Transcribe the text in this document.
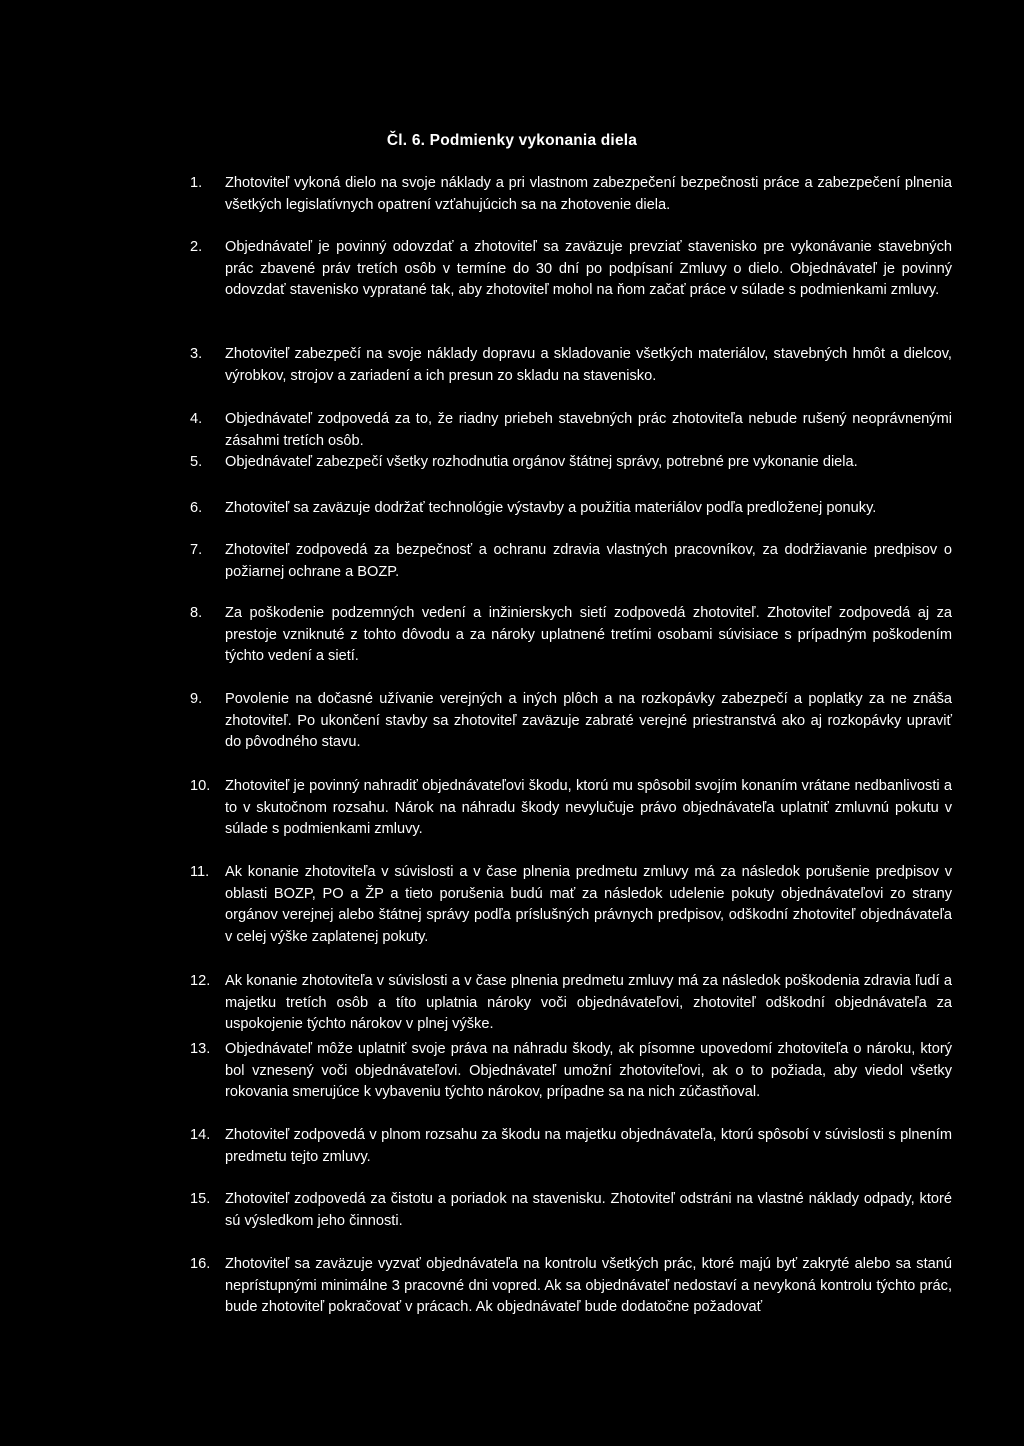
Čl. 6. Podmienky vykonania diela
1.	Zhotoviteľ vykoná dielo na svoje náklady a pri vlastnom zabezpečení bezpečnosti práce a zabezpečení plnenia všetkých legislatívnych opatrení vzťahujúcich sa na zhotovenie diela.
2.	Objednávateľ je povinný odovzdať a zhotoviteľ sa zaväzuje prevziať stavenisko pre vykonávanie stavebných prác zbavené práv tretích osôb v termíne do 30 dní po podpísaní Zmluvy o dielo. Objednávateľ je povinný odovzdať stavenisko vypratané tak, aby zhotoviteľ mohol na ňom začať práce v súlade s podmienkami zmluvy.
3.	Zhotoviteľ zabezpečí na svoje náklady dopravu a skladovanie všetkých materiálov, stavebných hmôt a dielcov, výrobkov, strojov a zariadení a ich presun zo skladu na stavenisko.
4.	Objednávateľ zodpovedá za to, že riadny priebeh stavebných prác zhotoviteľa nebude rušený neoprávnenými zásahmi tretích osôb.
5.	Objednávateľ zabezpečí všetky rozhodnutia orgánov štátnej správy, potrebné pre vykonanie diela.
6.	Zhotoviteľ sa zaväzuje dodržať technológie výstavby a použitia materiálov podľa predloženej ponuky.
7.	Zhotoviteľ zodpovedá za bezpečnosť a ochranu zdravia vlastných pracovníkov, za dodržiavanie predpisov o požiarnej ochrane a BOZP.
8.	Za poškodenie podzemných vedení a inžinierskych sietí zodpovedá zhotoviteľ. Zhotoviteľ zodpovedá aj za prestoje vzniknuté z tohto dôvodu a za nároky uplatnené tretími osobami súvisiace s prípadným poškodením týchto vedení a sietí.
9.	Povolenie na dočasné užívanie verejných a iných plôch a na rozkopávky zabezpečí a poplatky za ne znáša zhotoviteľ. Po ukončení stavby sa zhotoviteľ zaväzuje zabraté verejné priestranstvá ako aj rozkopávky upraviť do pôvodného stavu.
10.	Zhotoviteľ je povinný nahradiť objednávateľovi škodu, ktorú mu spôsobil svojím konaním vrátane nedbanlivosti a to v skutočnom rozsahu. Nárok na náhradu škody nevylučuje právo objednávateľa uplatniť zmluvnú pokutu v súlade s podmienkami zmluvy.
11.	Ak konanie zhotoviteľa v súvislosti a v čase plnenia predmetu zmluvy má za následok porušenie predpisov v oblasti BOZP, PO a ŽP a tieto porušenia budú mať za následok udelenie pokuty objednávateľovi zo strany orgánov verejnej alebo štátnej správy podľa príslušných právnych predpisov, odškodní zhotoviteľ objednávateľa v celej výške zaplatenej pokuty.
12.	Ak konanie zhotoviteľa v súvislosti a v čase plnenia predmetu zmluvy má za následok poškodenia zdravia ľudí a majetku tretích osôb a títo uplatnia nároky voči objednávateľovi, zhotoviteľ odškodní objednávateľa za uspokojenie týchto nárokov v plnej výške.
13.	Objednávateľ môže uplatniť svoje práva na náhradu škody, ak písomne upovedomí zhotoviteľa o nároku, ktorý bol vznesený voči objednávateľovi. Objednávateľ umožní zhotoviteľovi, ak o to požiada, aby viedol všetky rokovania smerujúce k vybaveniu týchto nárokov, prípadne sa na nich zúčastňoval.
14.	Zhotoviteľ zodpovedá v plnom rozsahu za škodu na majetku objednávateľa, ktorú spôsobí v súvislosti s plnením predmetu tejto zmluvy.
15.	Zhotoviteľ zodpovedá za čistotu a poriadok na stavenisku. Zhotoviteľ odstráni na vlastné náklady odpady, ktoré sú výsledkom jeho činnosti.
16.	Zhotoviteľ sa zaväzuje vyzvať objednávateľa na kontrolu všetkých prác, ktoré majú byť zakryté alebo sa stanú neprístupnými minimálne 3 pracovné dni vopred. Ak sa objednávateľ nedostaví a nevykoná kontrolu týchto prác, bude zhotoviteľ pokračovať v prácach. Ak objednávateľ bude dodatočne požadovať
